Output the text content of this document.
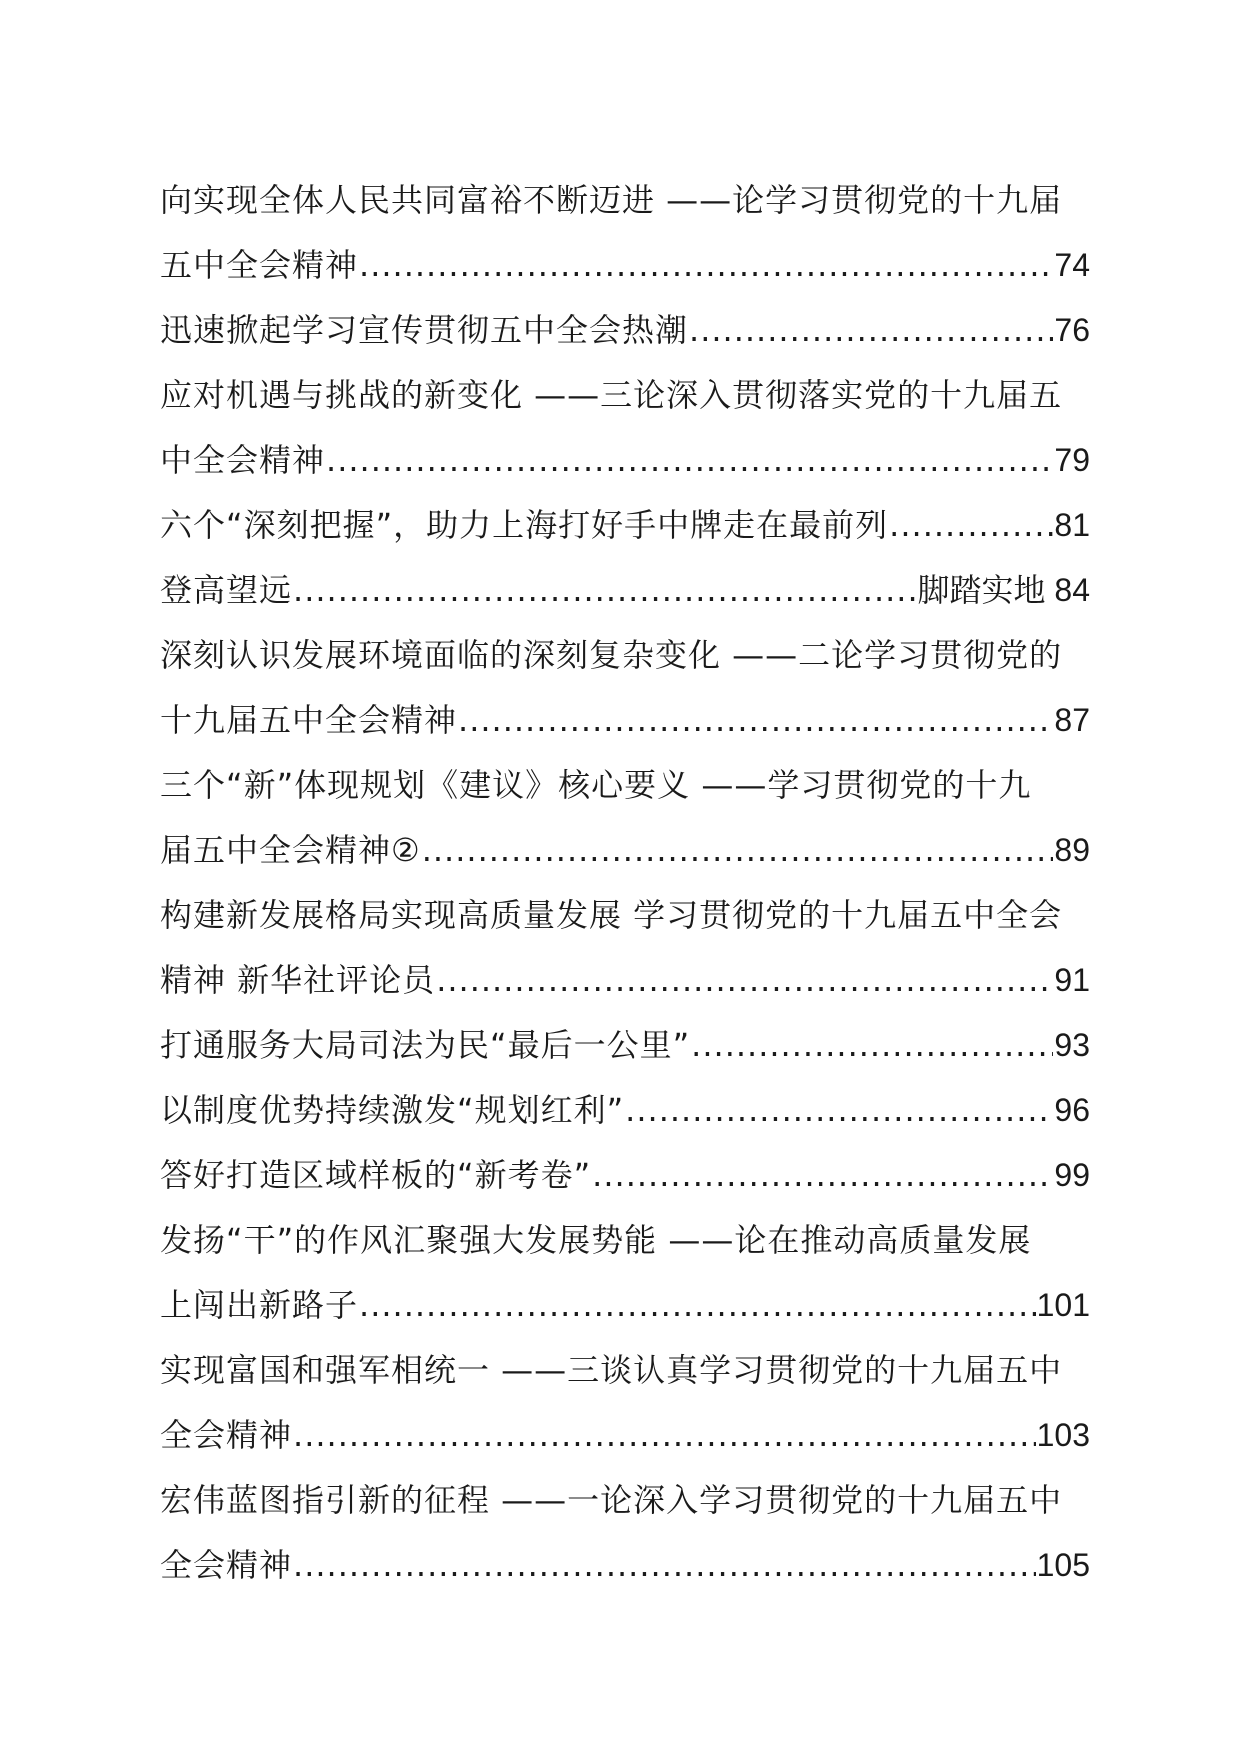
向实现全体人民共同富裕不断迈进 ——论学习贯彻党的十九届
五中全会精神 .....	74
迅速掀起学习宣传贯彻五中全会热潮 .....	76
应对机遇与挑战的新变化 ——三论深入贯彻落实党的十九届五
中全会精神 .....	79
六个“深刻把握”，助力上海打好手中牌走在最前列 .....	81
登高望远 .....	脚踏实地 84
深刻认识发展环境面临的深刻复杂变化 ——二论学习贯彻党的
十九届五中全会精神 .....	87
三个“新”体现规划《建议》核心要义 ——学习贯彻党的十九
届五中全会精神② .....	89
构建新发展格局实现高质量发展 学习贯彻党的十九届五中全会
精神 新华社评论员 .....	91
打通服务大局司法为民“最后一公里” .....	93
以制度优势持续激发“规划红利” .....	96
答好打造区域样板的“新考卷” .....	99
发扬“干”的作风汇聚强大发展势能 ——论在推动高质量发展
上闯出新路子 .....	101
实现富国和强军相统一 ——三谈认真学习贯彻党的十九届五中
全会精神 .....	103
宏伟蓝图指引新的征程 ——一论深入学习贯彻党的十九届五中
全会精神 .....	105
